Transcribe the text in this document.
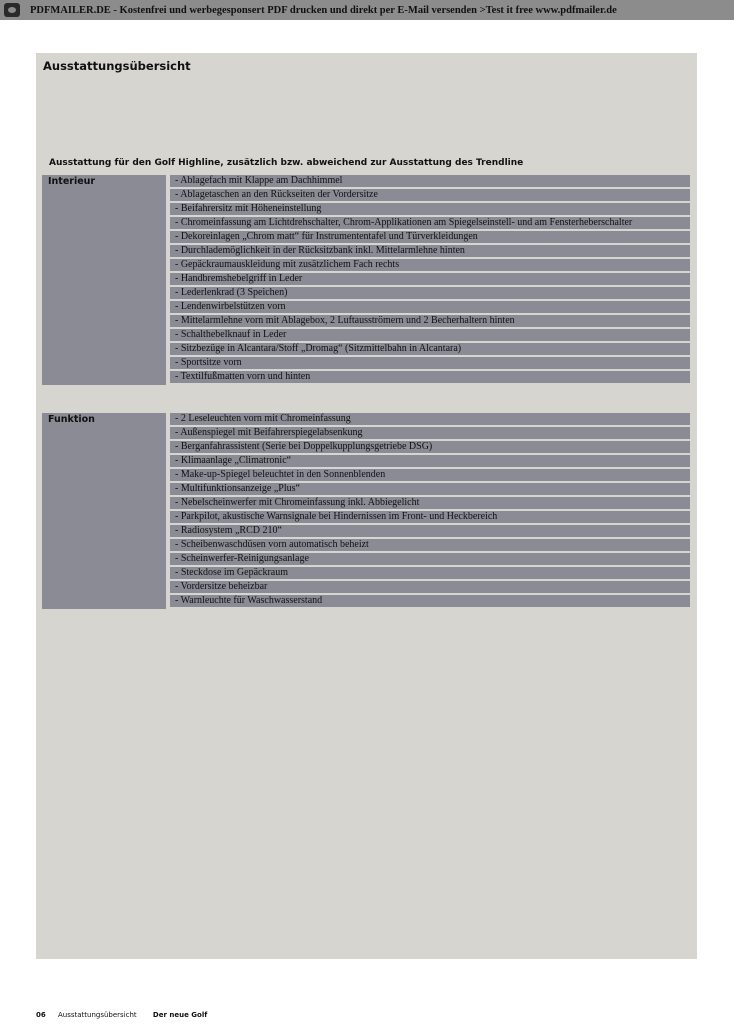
PDFMAILER.DE - Kostenfrei und werbegesponsert PDF drucken und direkt per E-Mail versenden >Test it free www.pdfmailer.de
Ausstattungsübersicht
Ausstattung für den Golf Highline, zusätzlich bzw. abweichend zur Ausstattung des Trendline
Interieur	- Ablagefach mit Klappe am Dachhimmel
- Ablagetaschen an den Rückseiten der Vordersitze
- Beifahrersitz mit Höheneinstellung
- Chromeinfassung am Lichtdrehschalter, Chrom-Applikationen am Spiegelseinstell- und am Fensterheberschalter
- Dekoreinlagen „Chrom matt“ für Instrumententafel und Türverkleidungen
- Durchlademöglichkeit in der Rücksitzbank inkl. Mittelarmlehne hinten
- Gepäckraumauskleidung mit zusätzlichem Fach rechts
- Handbremshebelgriff in Leder
- Lederlenkrad (3 Speichen)
- Lendenwirbelstützen vorn
- Mittelarmlehne vorn mit Ablagebox, 2 Luftausströmern und 2 Becherhaltern hinten
- Schalthebelknauf in Leder
- Sitzbezüge in Alcantara/Stoff „Dromag“ (Sitzmittelbahn in Alcantara)
- Sportsitze vorn
- Textilfußmatten vorn und hinten
Funktion	- 2 Leseleuchten vorn mit Chromeinfassung
- Außenspiegel mit Beifahrerspiegelabsenkung
- Berganfahrassistent (Serie bei Doppelkupplungsgetriebe DSG)
- Klimaanlage „Climatronic“
- Make-up-Spiegel beleuchtet in den Sonnenblenden
- Multifunktionsanzeige „Plus“
- Nebelscheinwerfer mit Chromeinfassung inkl. Abbiegelicht
- Parkpilot, akustische Warnsignale bei Hindernissen im Front- und Heckbereich
- Radiosystem „RCD 210“
- Scheibenwaschdüsen vorn automatisch beheizt
- Scheinwerfer-Reinigungsanlage
- Steckdose im Gepäckraum
- Vordersitze beheizbar
- Warnleuchte für Waschwasserstand
06 Ausstattungsübersicht Der neue Golf
